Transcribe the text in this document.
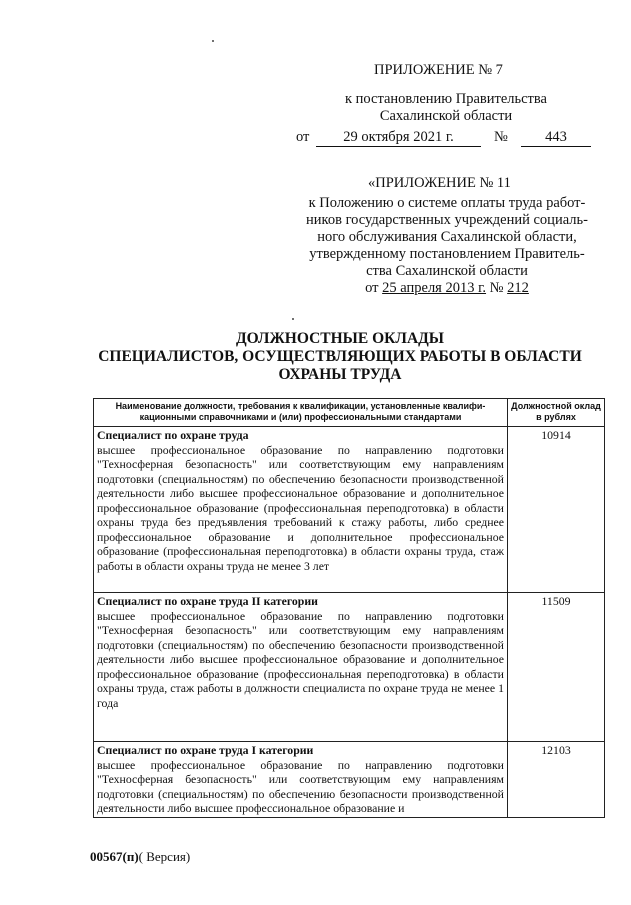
ПРИЛОЖЕНИЕ № 7
к постановлению Правительства
Сахалинской области
от	29 октября 2021 г.	№	443
«ПРИЛОЖЕНИЕ № 11
к Положению о системе оплаты труда работ-
ников государственных учреждений социаль-
ного обслуживания Сахалинской области,
утвержденному постановлением Правитель-
ства Сахалинской области
от 25 апреля 2013 г. № 212
ДОЛЖНОСТНЫЕ ОКЛАДЫ
СПЕЦИАЛИСТОВ, ОСУЩЕСТВЛЯЮЩИХ РАБОТЫ В ОБЛАСТИ
ОХРАНЫ ТРУДА
Наименование должности, требования к квалификации, установленные квалифи-кационными справочниками и (или) профессиональными стандартами	Должностной оклад в рублях

Специалист по охране труда
высшее профессиональное образование по направлению подготовки "Техносферная безопасность" или соответствующим ему направлениям подготовки (специальностям) по обеспечению безопасности производственной деятельности либо высшее профессиональное образование и дополнительное профессиональное образование (профессиональная переподготовка) в области охраны труда без предъявления требований к стажу работы, либо среднее профессиональное образование и дополнительное профессиональное образование (профессиональная переподготовка) в области охраны труда, стаж работы в области охраны труда не менее 3 лет	10914

Специалист по охране труда II категории
высшее профессиональное образование по направлению подготовки "Техносферная безопасность" или соответствующим ему направлениям подготовки (специальностям) по обеспечению безопасности производственной деятельности либо высшее профессиональное образование и дополнительное профессиональное образование (профессиональная переподготовка) в области охраны труда, стаж работы в должности специалиста по охране труда не менее 1 года	11509

Специалист по охране труда I категории
высшее профессиональное образование по направлению подготовки "Техносферная безопасность" или соответствующим ему направлениям подготовки (специальностям) по обеспечению безопасности производственной деятельности либо высшее профессиональное образование и	12103
00567(п)( Версия)
